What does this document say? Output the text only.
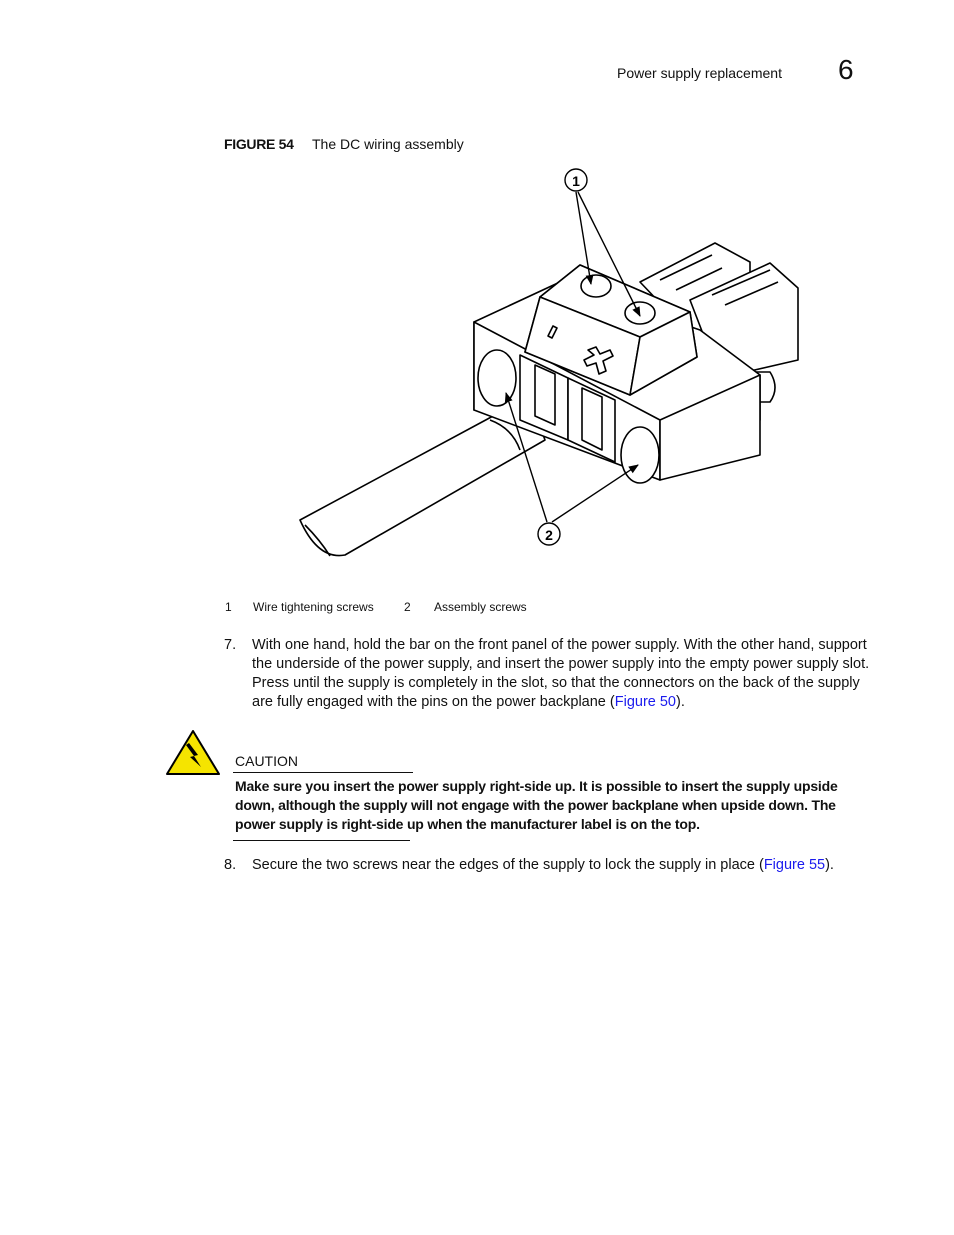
Power supply replacement 6
FIGURE 54 The DC wiring assembly
1
2
1 Wire tightening screws	2 Assembly screws
7. With one hand, hold the bar on the front panel of the power supply. With the other hand, support the underside of the power supply, and insert the power supply into the empty power supply slot. Press until the supply is completely in the slot, so that the connectors on the back of the supply are fully engaged with the pins on the power backplane (Figure 50).
CAUTION
Make sure you insert the power supply right-side up. It is possible to insert the supply upside down, although the supply will not engage with the power backplane when upside down. The power supply is right-side up when the manufacturer label is on the top.
8. Secure the two screws near the edges of the supply to lock the supply in place (Figure 55).
